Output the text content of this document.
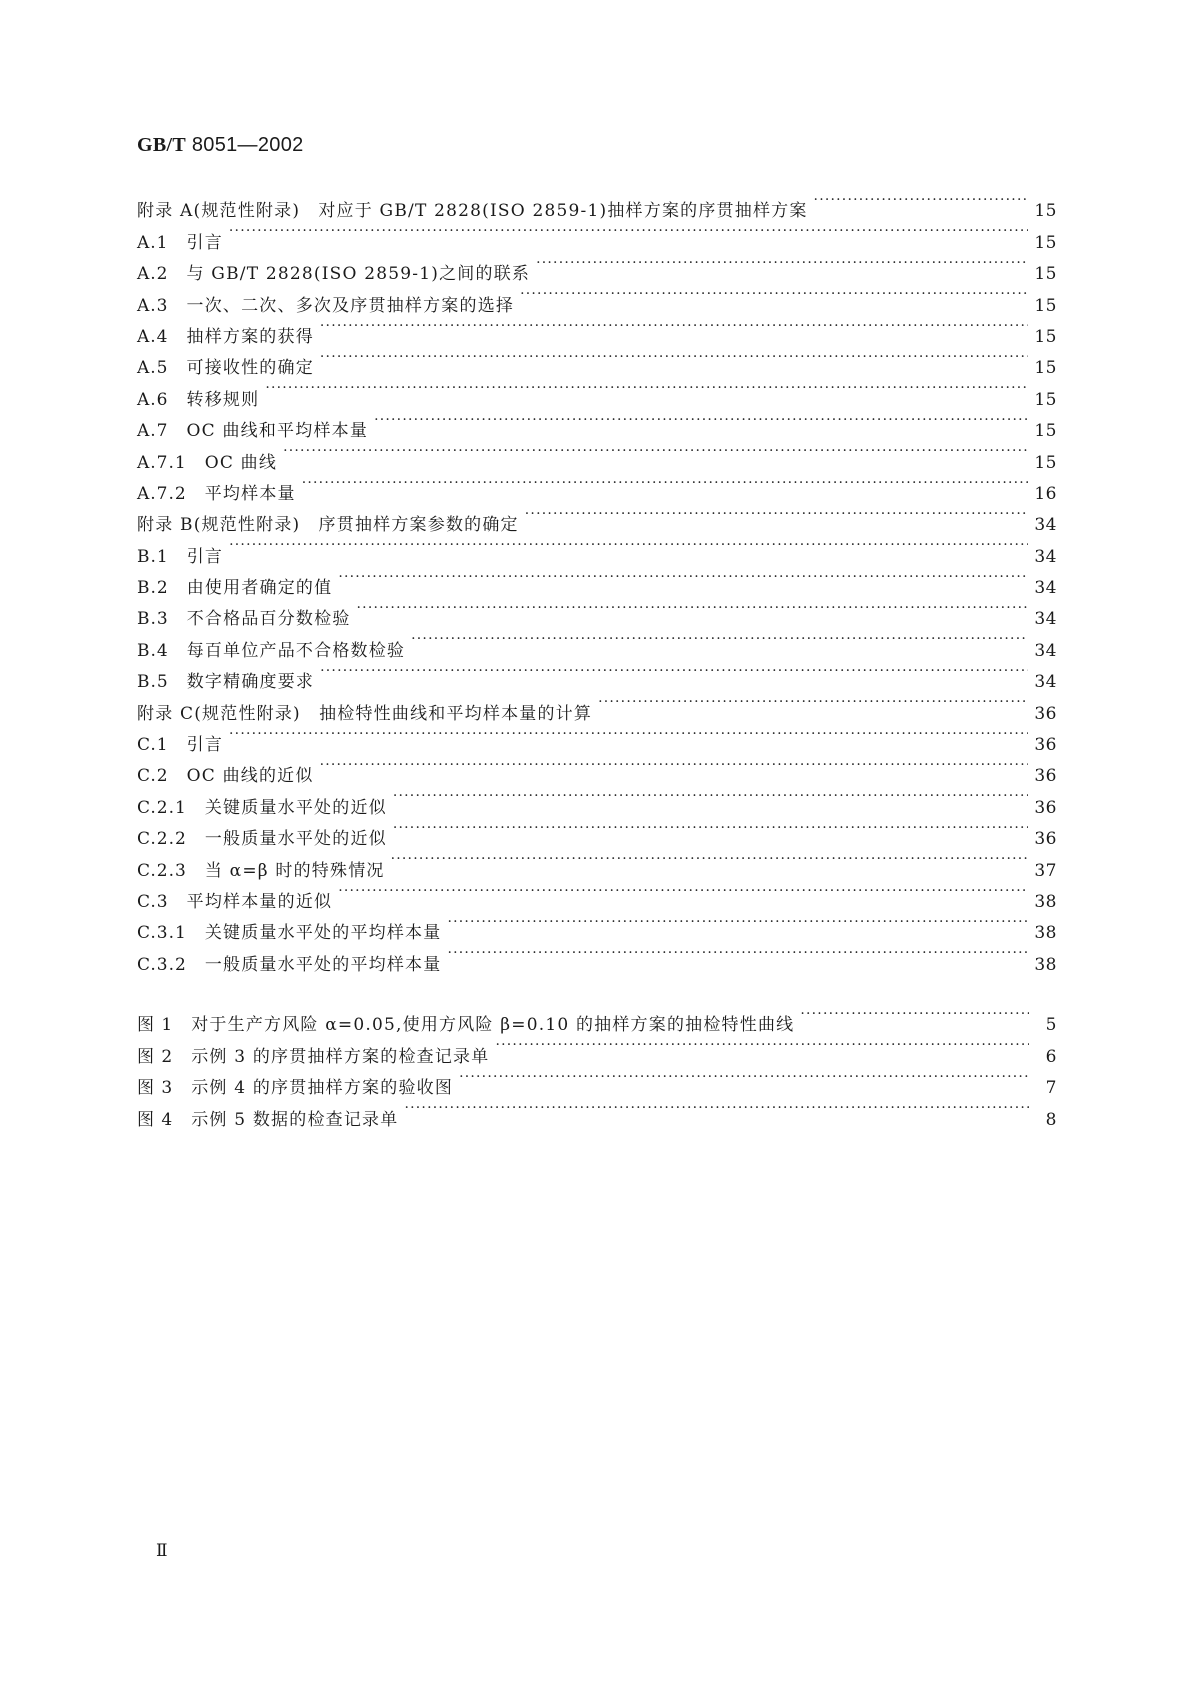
GB/T 8051—2002
附录 A(规范性附录)　对应于 GB/T 2828(ISO 2859-1)抽样方案的序贯抽样方案 ·····	15
A.1　 引言 ·····	15
A.2　 与 GB/T 2828(ISO 2859-1)之间的联系 ·····	15
A.3　 一次、二次、多次及序贯抽样方案的选择 ·····	15
A.4　 抽样方案的获得 ·····	15
A.5　 可接收性的确定 ·····	15
A.6　 转移规则 ·····	15
A.7　 OC 曲线和平均样本量 ·····	15
A.7.1　 OC 曲线 ·····	15
A.7.2　 平均样本量 ·····	16
附录 B(规范性附录)　序贯抽样方案参数的确定 ·····	34
B.1　 引言 ·····	34
B.2　 由使用者确定的值 ·····	34
B.3　 不合格品百分数检验 ·····	34
B.4　 每百单位产品不合格数检验 ·····	34
B.5　 数字精确度要求 ·····	34
附录 C(规范性附录)　抽检特性曲线和平均样本量的计算 ·····	36
C.1　 引言 ·····	36
C.2　 OC 曲线的近似 ·····	36
C.2.1　 关键质量水平处的近似 ·····	36
C.2.2　 一般质量水平处的近似 ·····	36
C.2.3　 当 α=β 时的特殊情况 ·····	37
C.3　 平均样本量的近似 ·····	38
C.3.1　 关键质量水平处的平均样本量 ·····	38
C.3.2　 一般质量水平处的平均样本量 ·····	38
图 1　 对于生产方风险 α=0.05,使用方风险 β=0.10 的抽样方案的抽检特性曲线 ·····	5
图 2　 示例 3 的序贯抽样方案的检查记录单 ·····	6
图 3　 示例 4 的序贯抽样方案的验收图 ·····	7
图 4　 示例 5 数据的检查记录单 ·····	8
Ⅱ
